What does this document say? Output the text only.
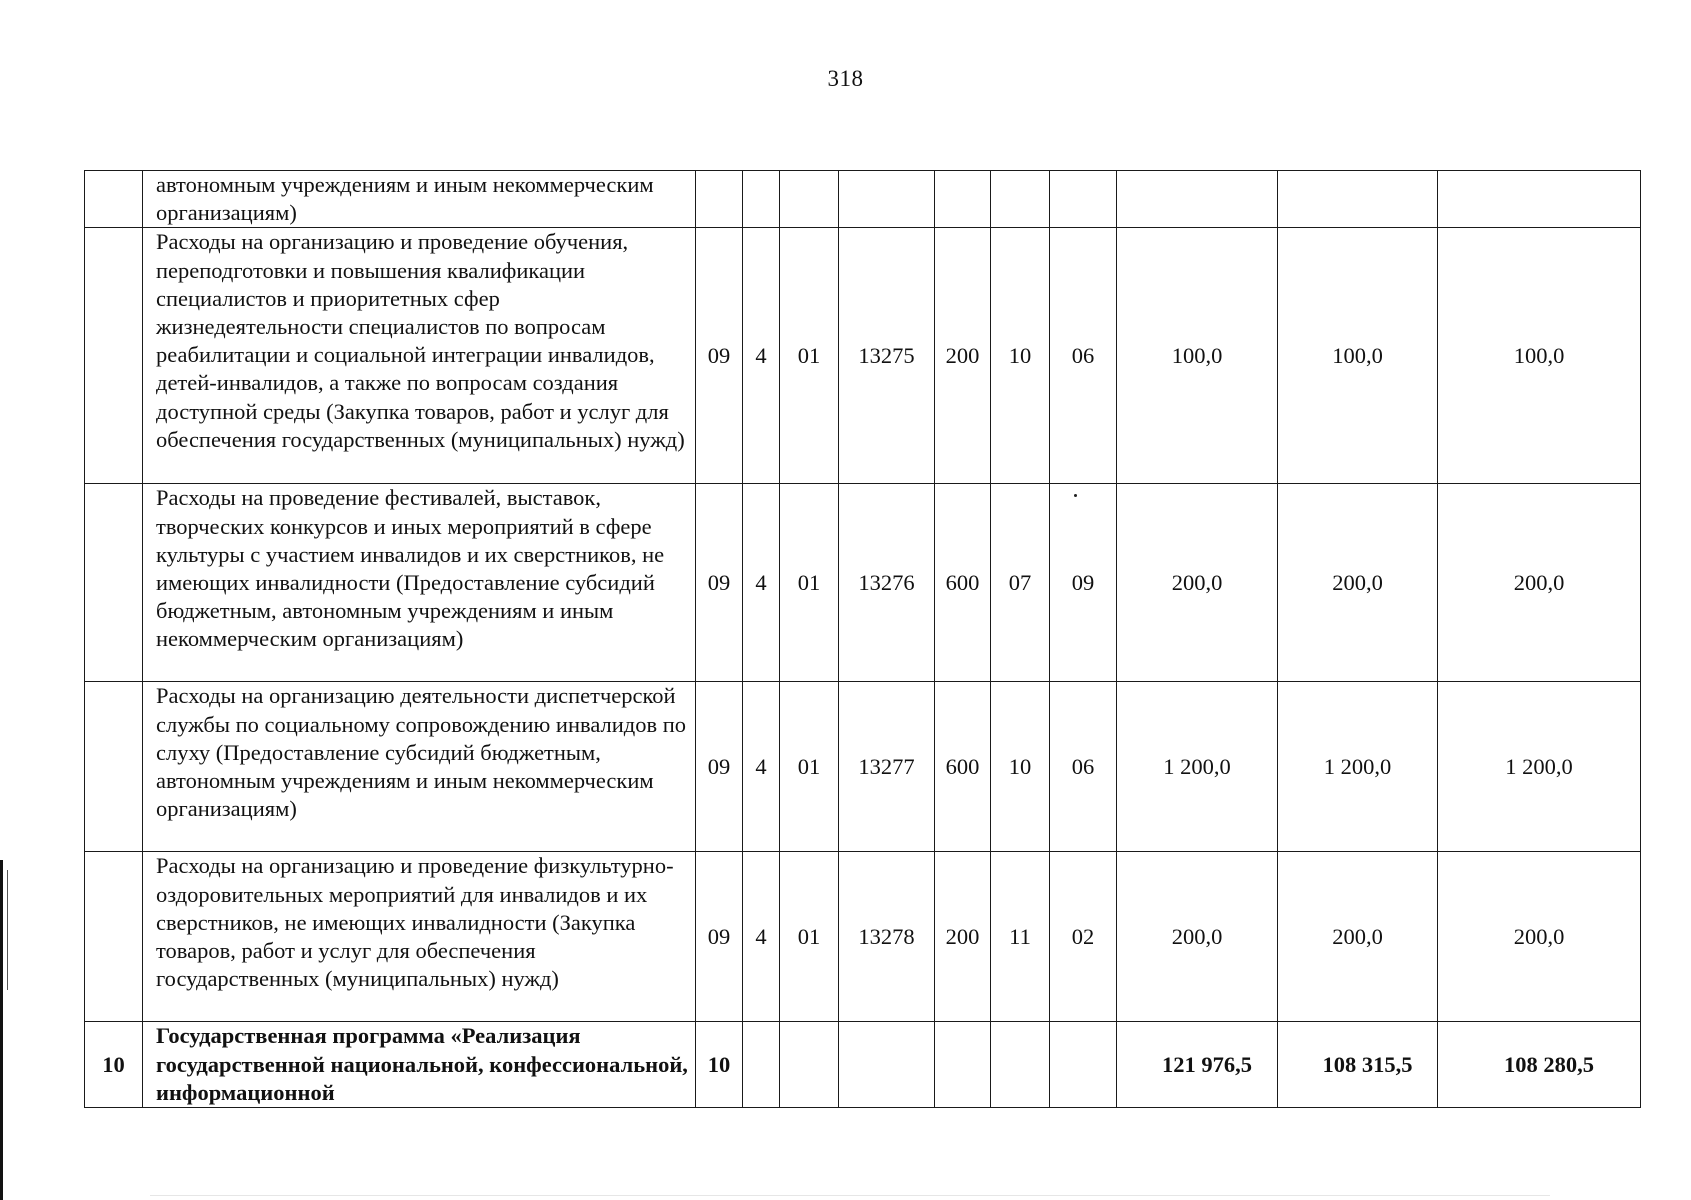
318
	автономным учреждениям и иным некоммерческим организациям)										
	Расходы на организацию и проведение обучения, переподготовки и повышения квалификации специалистов и приоритетных сфер жизнедеятельности специалистов по вопросам реабилитации и социальной интеграции инвалидов, детей-инвалидов, а также по вопросам создания доступной среды (Закупка товаров, работ и услуг для обеспечения государственных (муниципальных) нужд)	09	4	01	13275	200	10	06	100,0	100,0	100,0
	Расходы на проведение фестивалей, выставок, творческих конкурсов и иных мероприятий в сфере культуры с участием инвалидов и их сверстников, не имеющих инвалидности (Предоставление субсидий бюджетным, автономным учреждениям и иным некоммерческим организациям)	09	4	01	13276	600	07	09	200,0	200,0	200,0
	Расходы на организацию деятельности диспетчерской службы по социальному сопровождению инвалидов по слуху (Предоставление субсидий бюджетным, автономным учреждениям и иным некоммерческим организациям)	09	4	01	13277	600	10	06	1 200,0	1 200,0	1 200,0
	Расходы на организацию и проведение физкультурно-оздоровительных мероприятий для инвалидов и их сверстников, не имеющих инвалидности (Закупка товаров, работ и услуг для обеспечения государственных (муниципальных) нужд)	09	4	01	13278	200	11	02	200,0	200,0	200,0
10	Государственная программа «Реализация государственной национальной, конфессиональной, информационной	10							121 976,5	108 315,5	108 280,5
